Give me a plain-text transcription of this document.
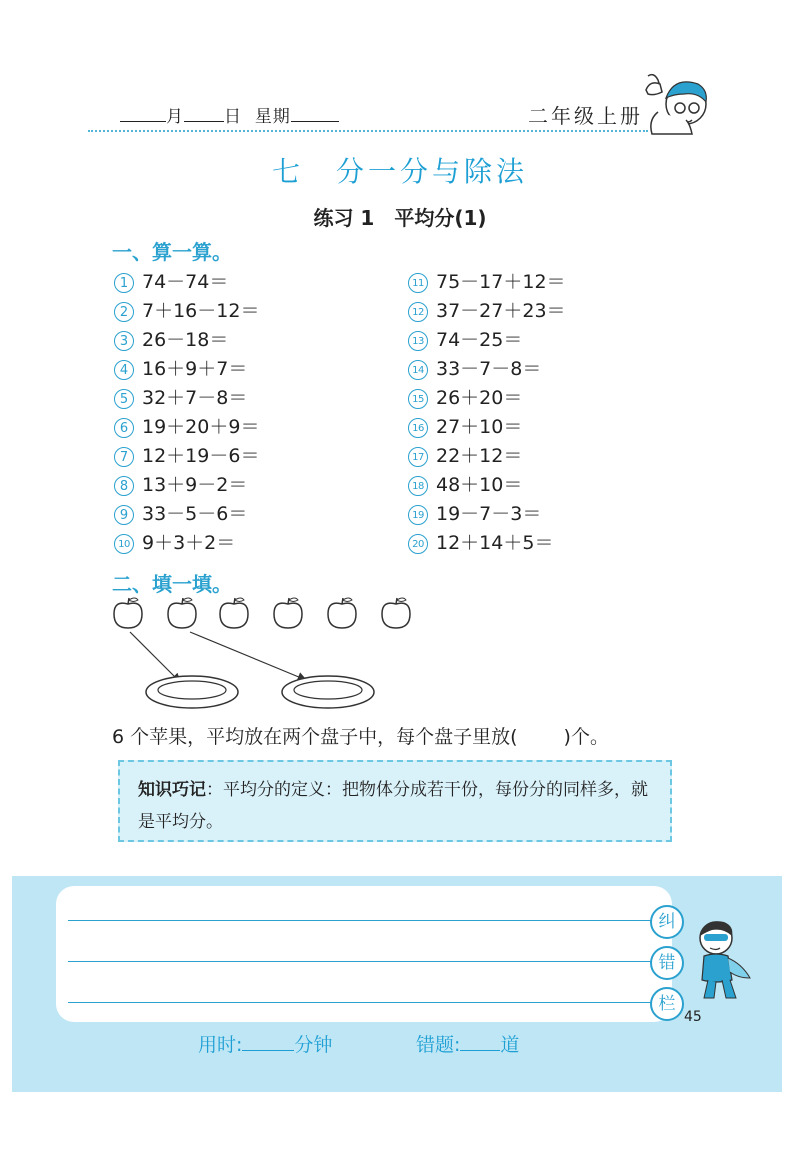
月 日 星期	二年级上册
七　分一分与除法
练习 1　平均分(1)
一、算一算。
1 74－74＝
2 7＋16－12＝
3 26－18＝
4 16＋9＋7＝
5 32＋7－8＝
6 19＋20＋9＝
7 12＋19－6＝
8 13＋9－2＝
9 33－5－6＝
10 9＋3＋2＝
11 75－17＋12＝
12 37－27＋23＝
13 74－25＝
14 33－7－8＝
15 26＋20＝
16 27＋10＝
17 22＋12＝
18 48＋10＝
19 19－7－3＝
20 12＋14＋5＝
二、填一填。
6 个苹果，平均放在两个盘子中，每个盘子里放( )个。
知识巧记：平均分的定义：把物体分成若干份，每份分的同样多，就是平均分。
纠
错
栏
45
用时:	分钟	错题: 道
